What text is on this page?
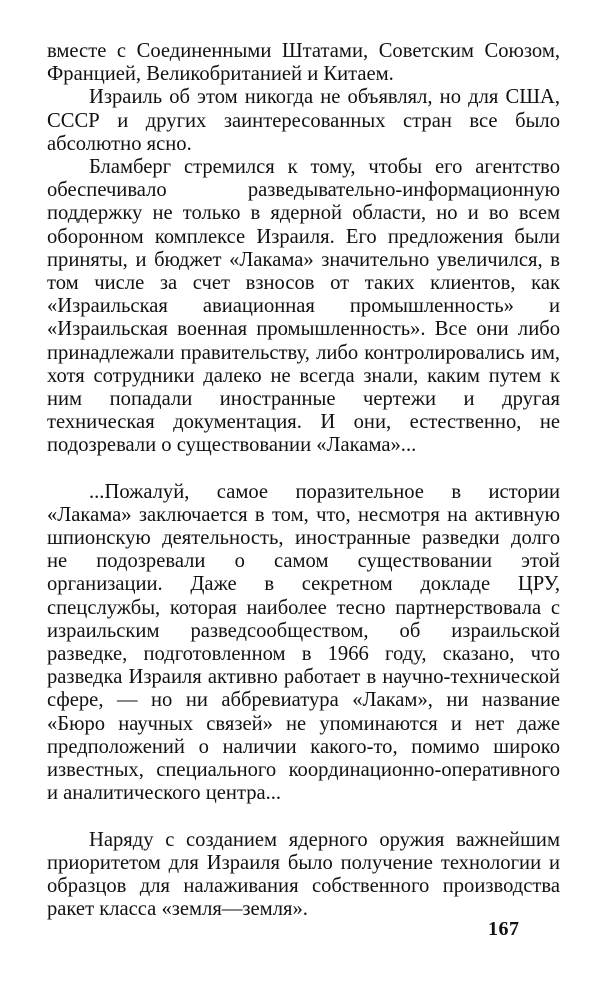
вместе с Соединенными Штатами, Советским Союзом, Францией, Великобританией и Китаем.

Израиль об этом никогда не объявлял, но для США, СССР и других заинтересованных стран все было абсолютно ясно.

Бламберг стремился к тому, чтобы его агентство обеспечивало разведывательно-информационную поддержку не только в ядерной области, но и во всем оборонном комплексе Израиля. Его предложения были приняты, и бюджет «Лакама» значительно увеличился, в том числе за счет взносов от таких клиентов, как «Израильская авиационная промышленность» и «Израильская военная промышленность». Все они либо принадлежали правительству, либо контролировались им, хотя сотрудники далеко не всегда знали, каким путем к ним попадали иностранные чертежи и другая техническая документация. И они, естественно, не подозревали о существовании «Лакама»...

...Пожалуй, самое поразительное в истории «Лакама» заключается в том, что, несмотря на активную шпионскую деятельность, иностранные разведки долго не подозревали о самом существовании этой организации. Даже в секретном докладе ЦРУ, спецслужбы, которая наиболее тесно партнерствовала с израильским разведсообществом, об израильской разведке, подготовленном в 1966 году, сказано, что разведка Израиля активно работает в научно-технической сфере, — но ни аббревиатура «Лакам», ни название «Бюро научных связей» не упоминаются и нет даже предположений о наличии какого-то, помимо широко известных, специального координационно-оперативного и аналитического центра...

Наряду с созданием ядерного оружия важнейшим приоритетом для Израиля было получение технологии и образцов для налаживания собственного производства ракет класса «земля—земля».

167
